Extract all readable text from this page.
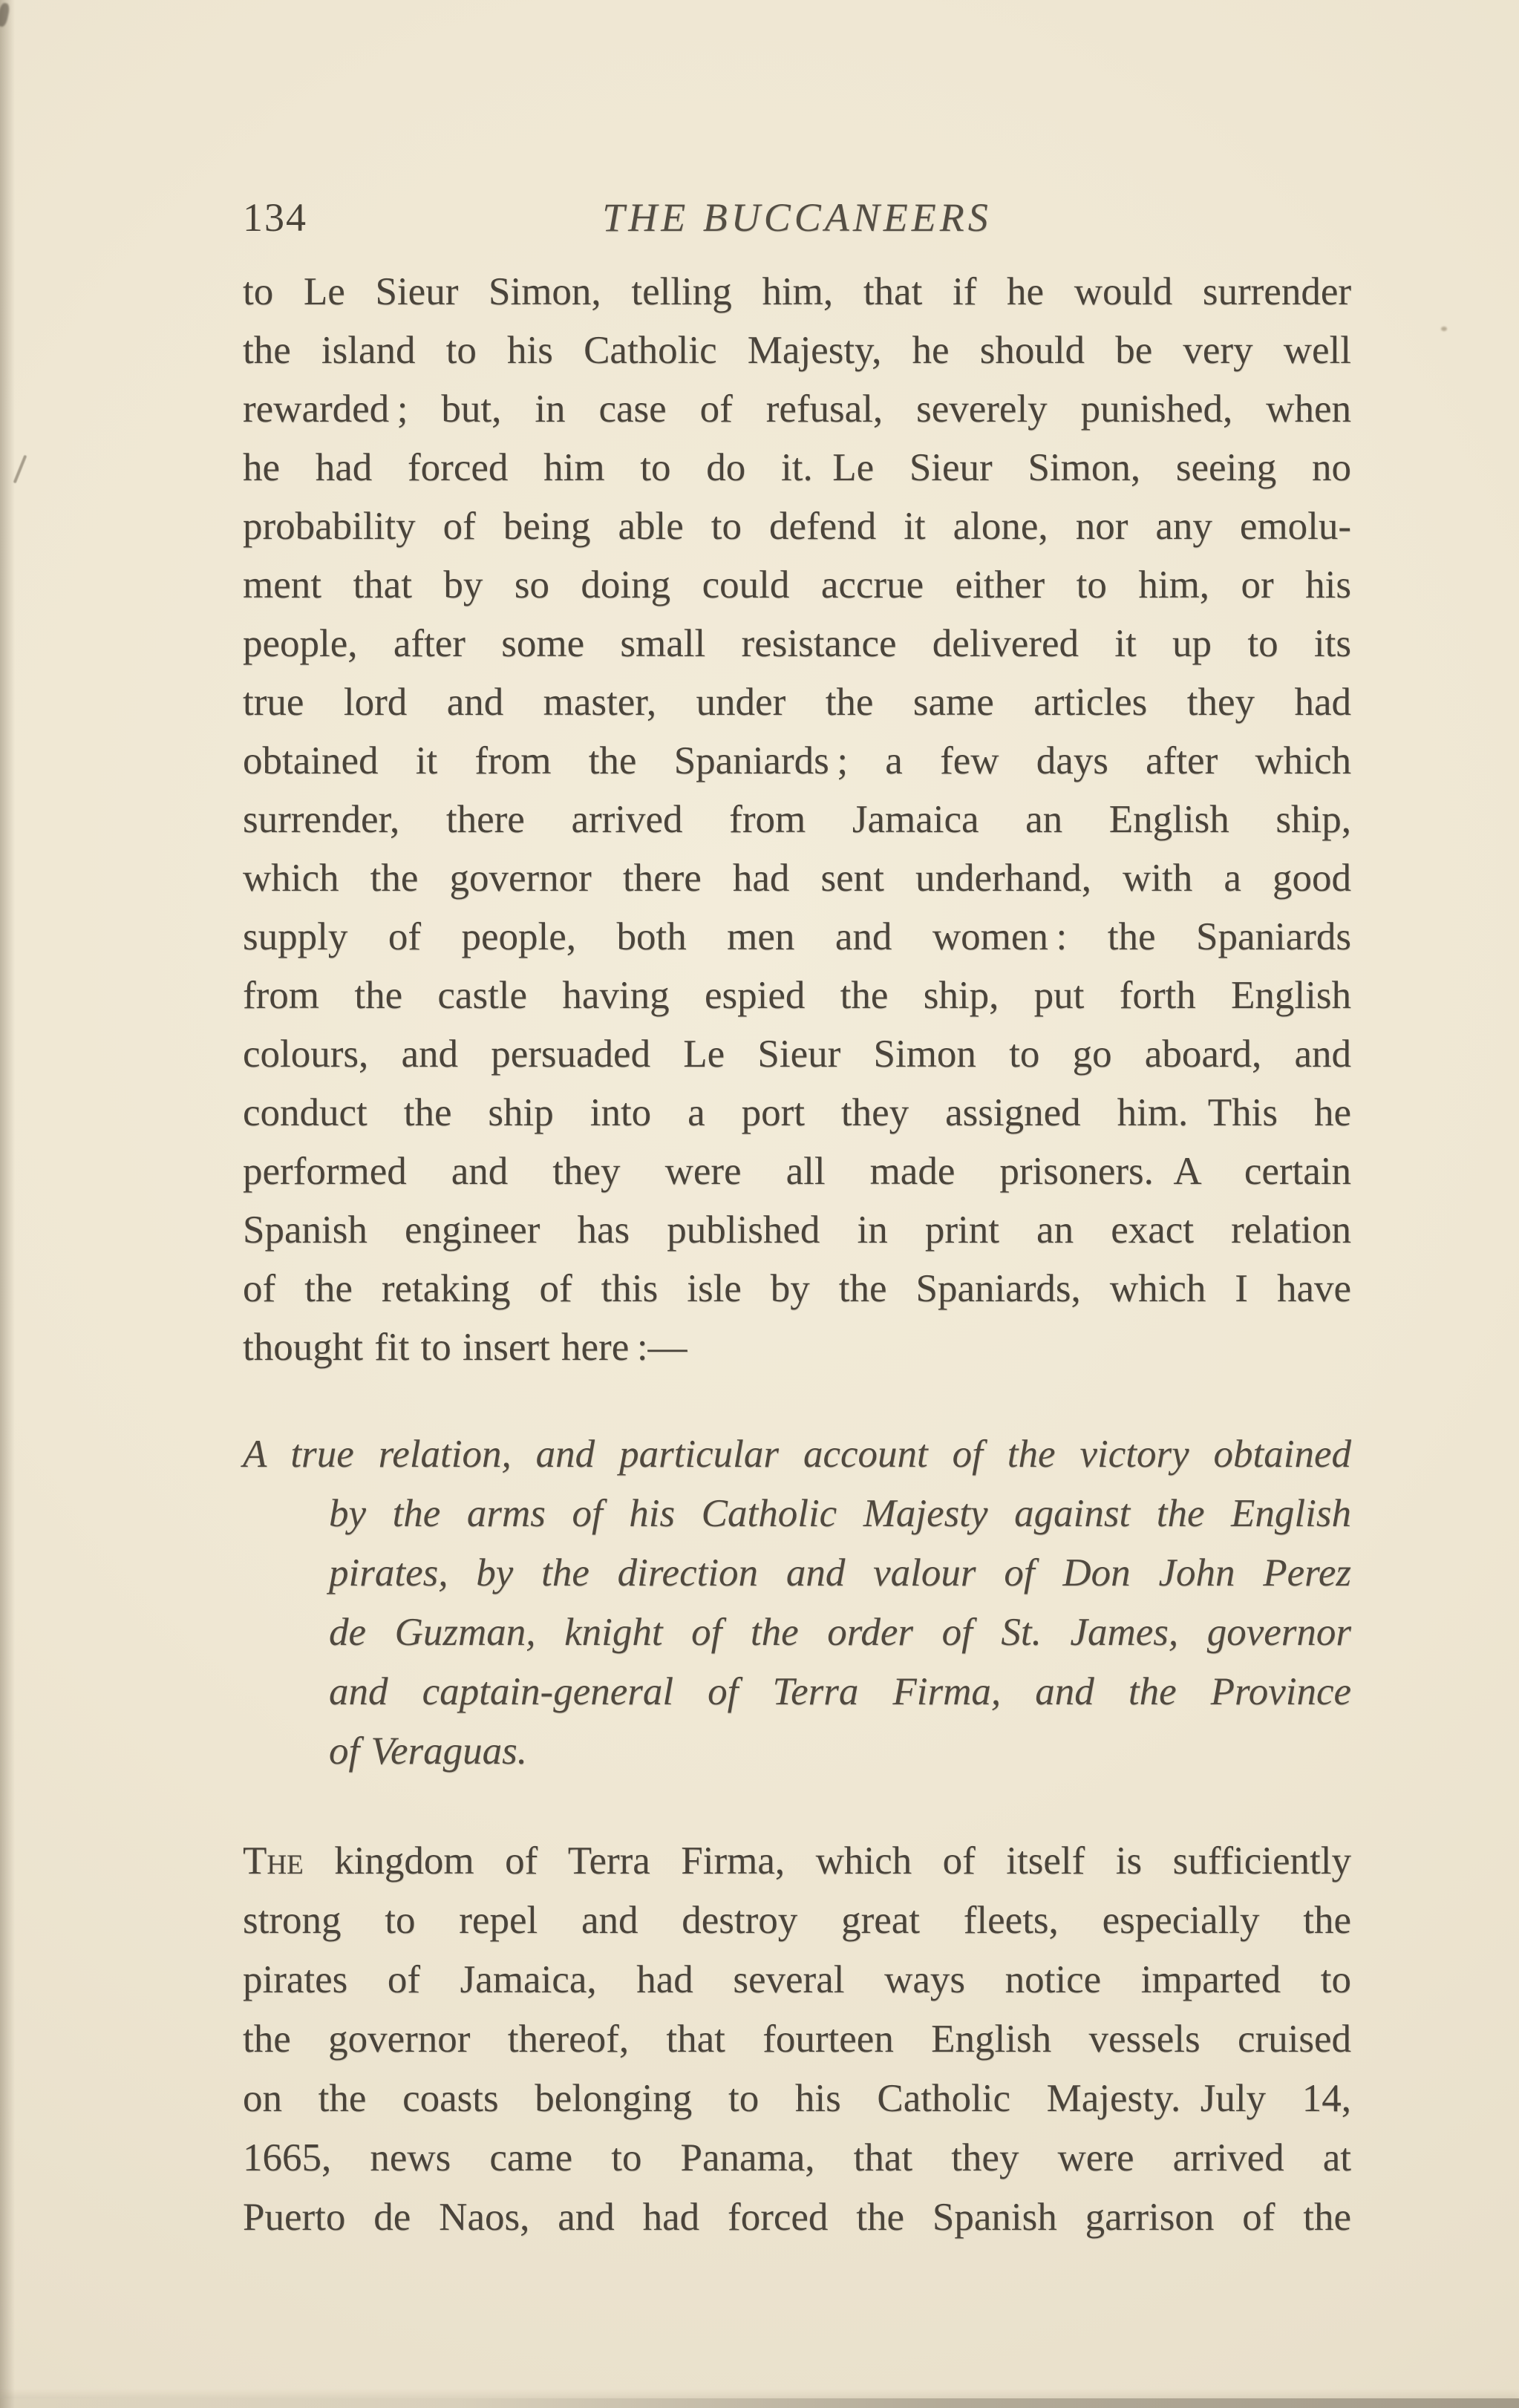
134	THE BUCCANEERS
to Le Sieur Simon, telling him, that if he would surrender
the island to his Catholic Majesty, he should be very well
rewarded ; but, in case of refusal, severely punished, when
he had forced him to do it. Le Sieur Simon, seeing no
probability of being able to defend it alone, nor any emolu-
ment that by so doing could accrue either to him, or his
people, after some small resistance delivered it up to its
true lord and master, under the same articles they had
obtained it from the Spaniards ; a few days after which
surrender, there arrived from Jamaica an English ship,
which the governor there had sent underhand, with a good
supply of people, both men and women : the Spaniards
from the castle having espied the ship, put forth English
colours, and persuaded Le Sieur Simon to go aboard, and
conduct the ship into a port they assigned him. This he
performed and they were all made prisoners. A certain
Spanish engineer has published in print an exact relation
of the retaking of this isle by the Spaniards, which I have
thought fit to insert here :—
A true relation, and particular account of the victory obtained
by the arms of his Catholic Majesty against the English
pirates, by the direction and valour of Don John Perez
de Guzman, knight of the order of St. James, governor
and captain-general of Terra Firma, and the Province
of Veraguas.
The kingdom of Terra Firma, which of itself is sufficiently
strong to repel and destroy great fleets, especially the
pirates of Jamaica, had several ways notice imparted to
the governor thereof, that fourteen English vessels cruised
on the coasts belonging to his Catholic Majesty. July 14,
1665, news came to Panama, that they were arrived at
Puerto de Naos, and had forced the Spanish garrison of the
